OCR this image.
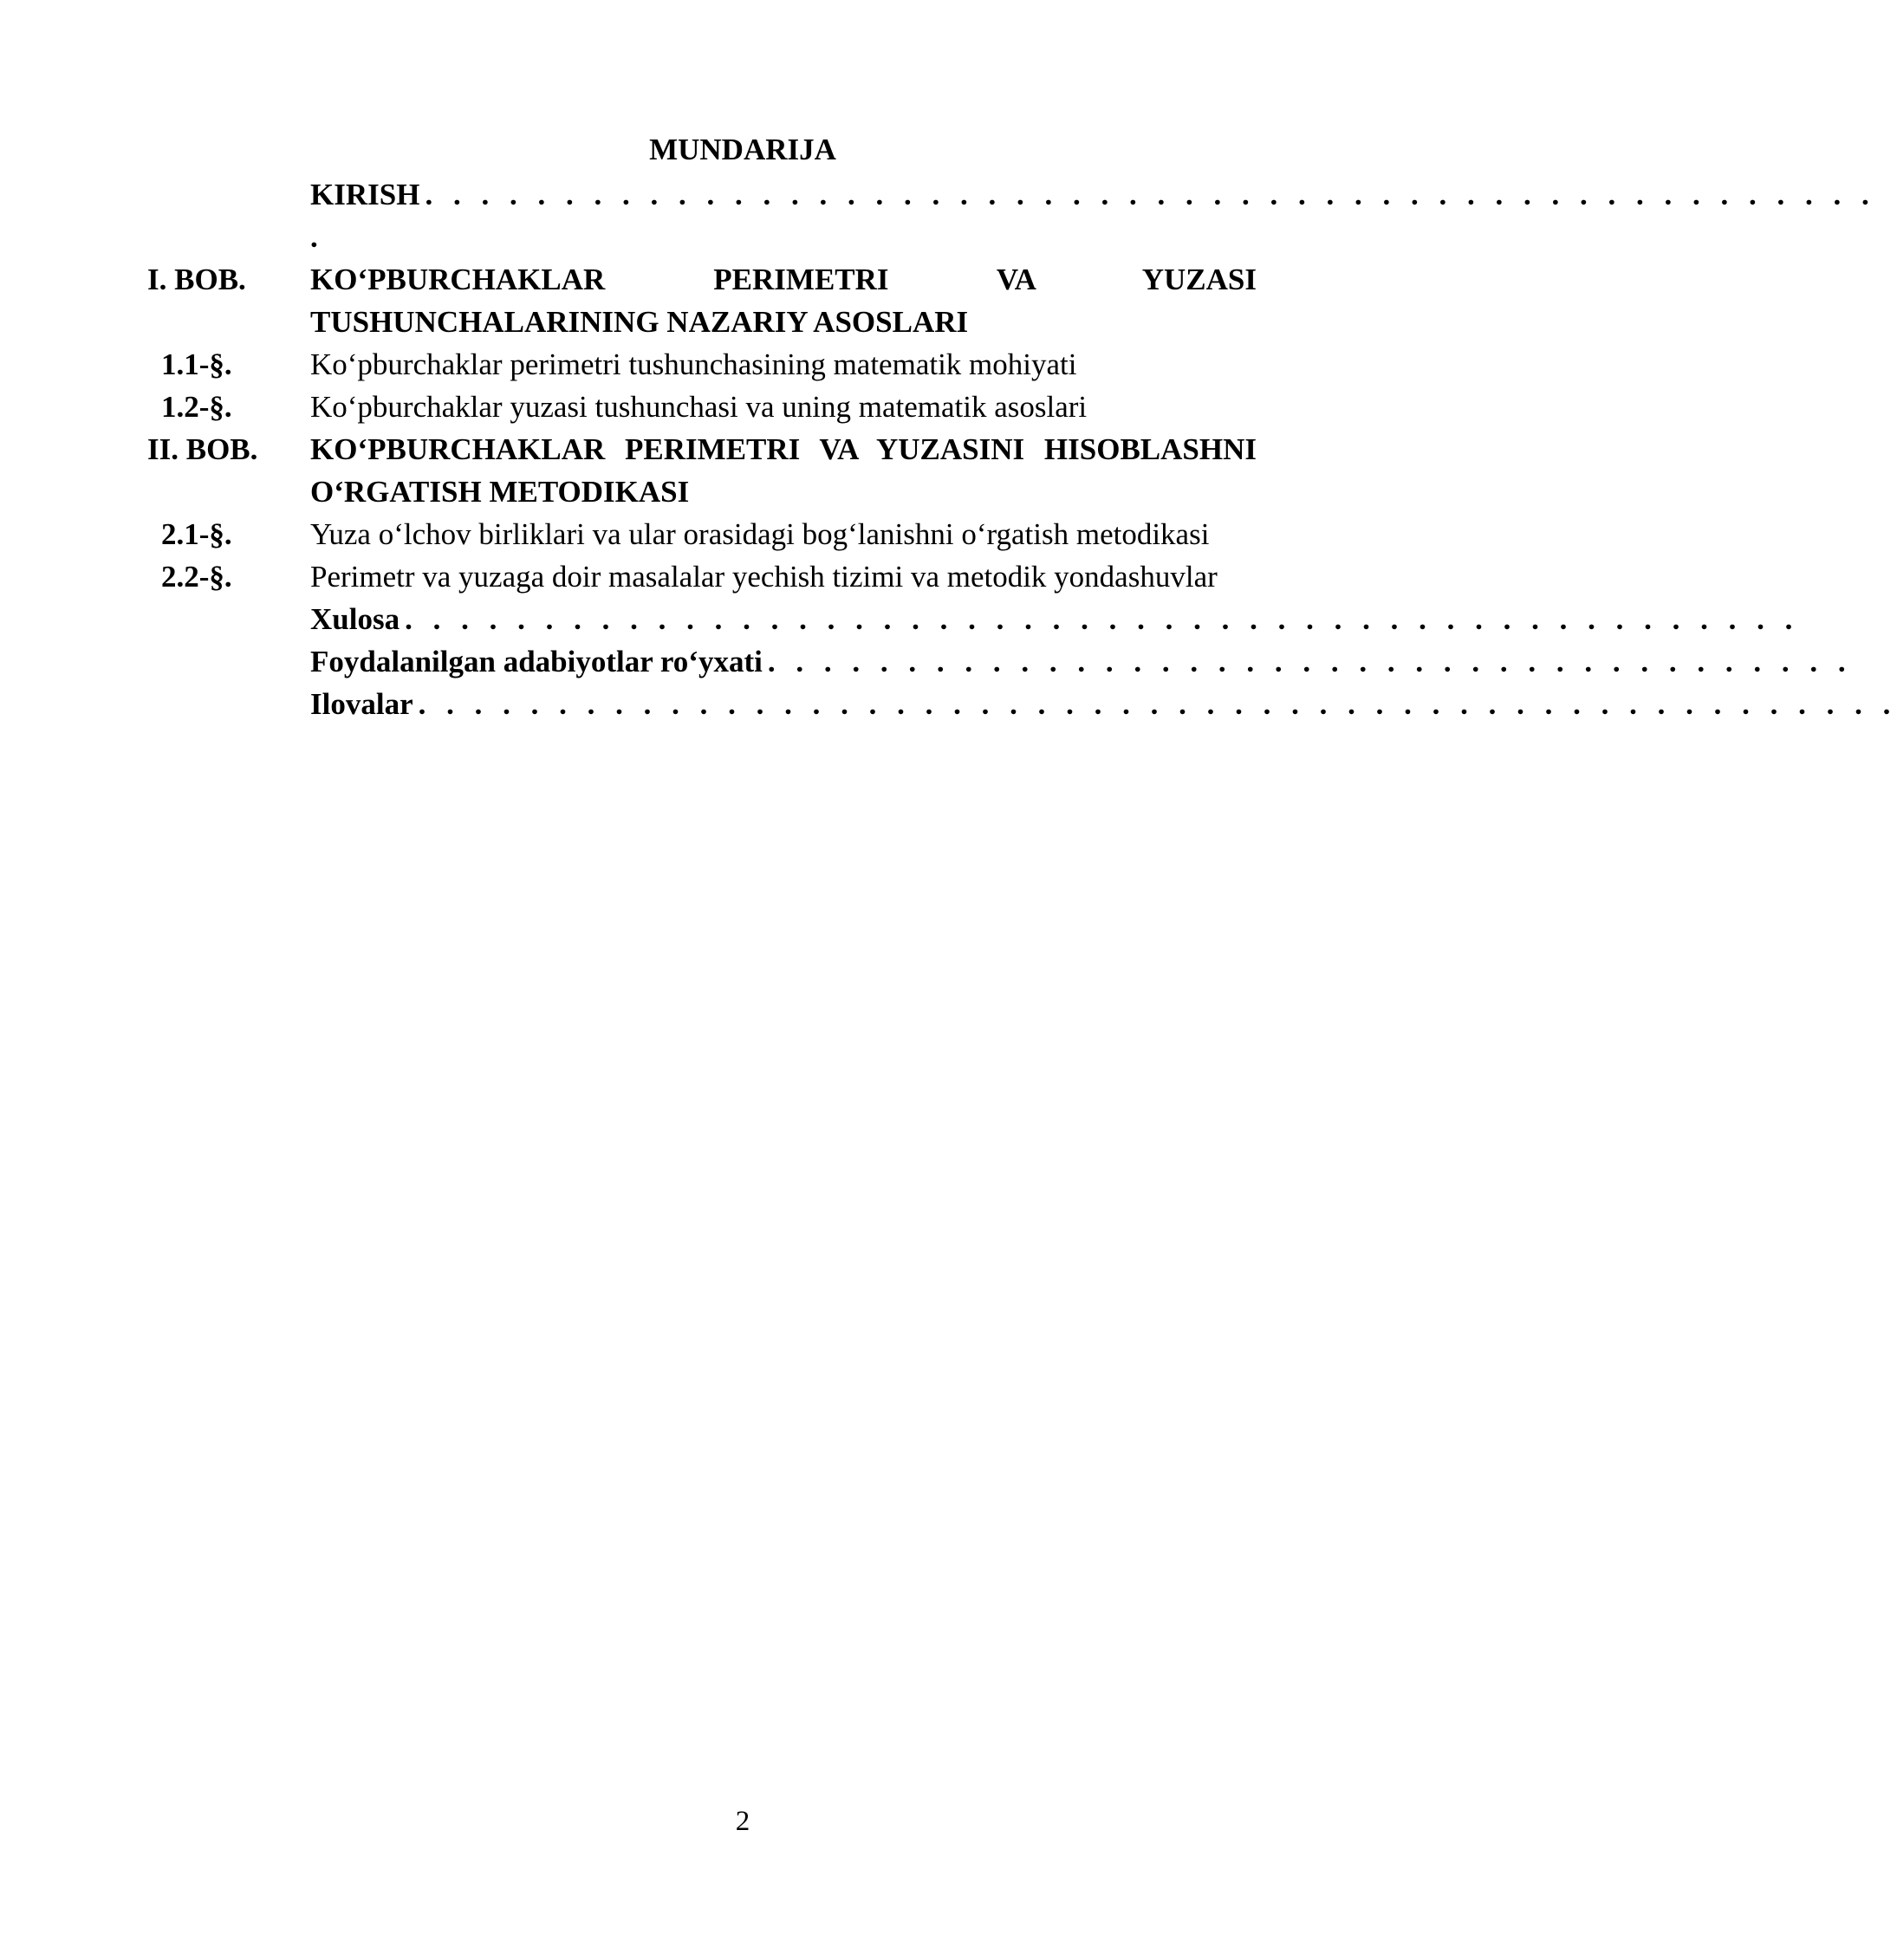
MUNDARIJA
KIRISH . . . . . . . . . . . . . . . . . . . . . . . . . . . . . . . . . . . . . . . . . . . . . . . . . . . .
.
I. BOB.	KO‘PBURCHAKLAR PERIMETRI VA YUZASI TUSHUNCHALARINING NAZARIY ASOSLARI
1.1-§.	Ko‘pburchaklar perimetri tushunchasining matematik mohiyati
1.2-§.	Ko‘pburchaklar yuzasi tushunchasi va uning matematik asoslari
II. BOB.	KO‘PBURCHAKLAR PERIMETRI VA YUZASINI HISOBLASHNI O‘RGATISH METODIKASI
2.1-§.	Yuza o‘lchov birliklari va ular orasidagi bog‘lanishni o‘rgatish metodikasi
2.2-§.	Perimetr va yuzaga doir masalalar yechish tizimi va metodik yondashuvlar
Xulosa . . . . . . . . . . . . . . . . . . . . . . . . . . . . . . . . . . . . . . . . . . . . . . . . . .
Foydalanilgan adabiyotlar ro‘yxati . . . . . . . . . . . . . . . . . . . . . . . . . . . . . . . . . . . . . . .
Ilovalar . . . . . . . . . . . . . . . . . . . . . . . . . . . . . . . . . . . . . . . . . . . . . . . . . . . . .
2
